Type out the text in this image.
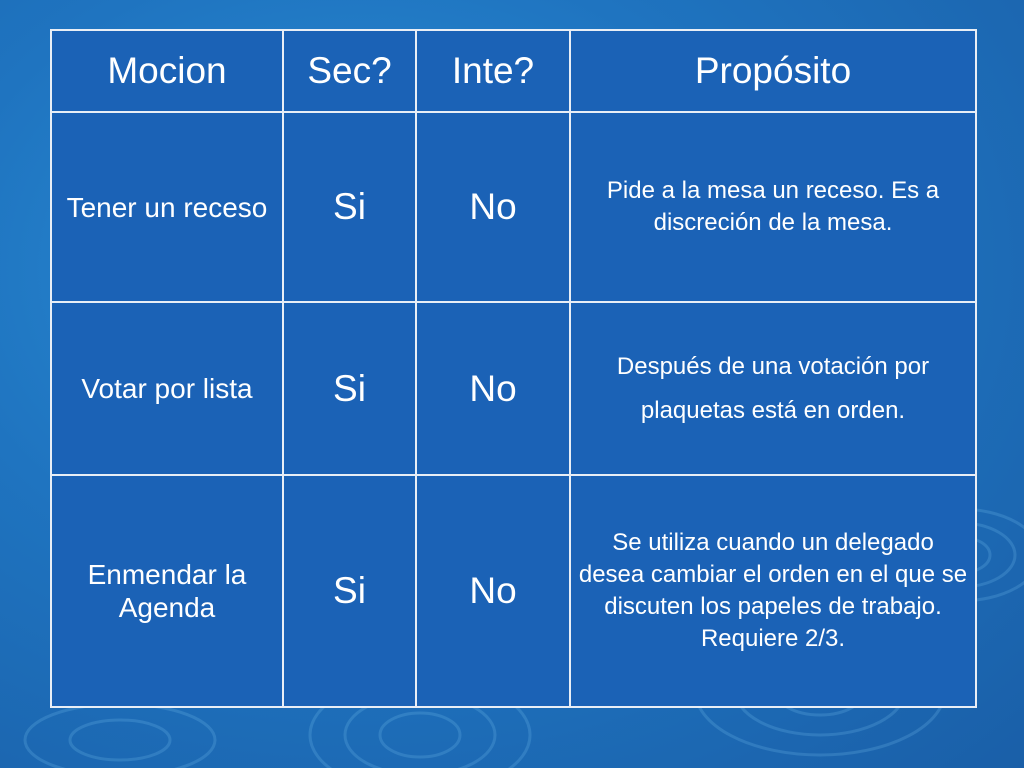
Mocion	Sec?	Inte?	Propósito
Tener un receso	Si	No	Pide a la mesa un receso. Es a discreción de la mesa.
Votar por lista	Si	No	Después de una votación por plaquetas está en orden.
Enmendar la Agenda	Si	No	Se utiliza cuando un delegado desea cambiar el orden en el que se discuten los papeles de trabajo. Requiere 2/3.
